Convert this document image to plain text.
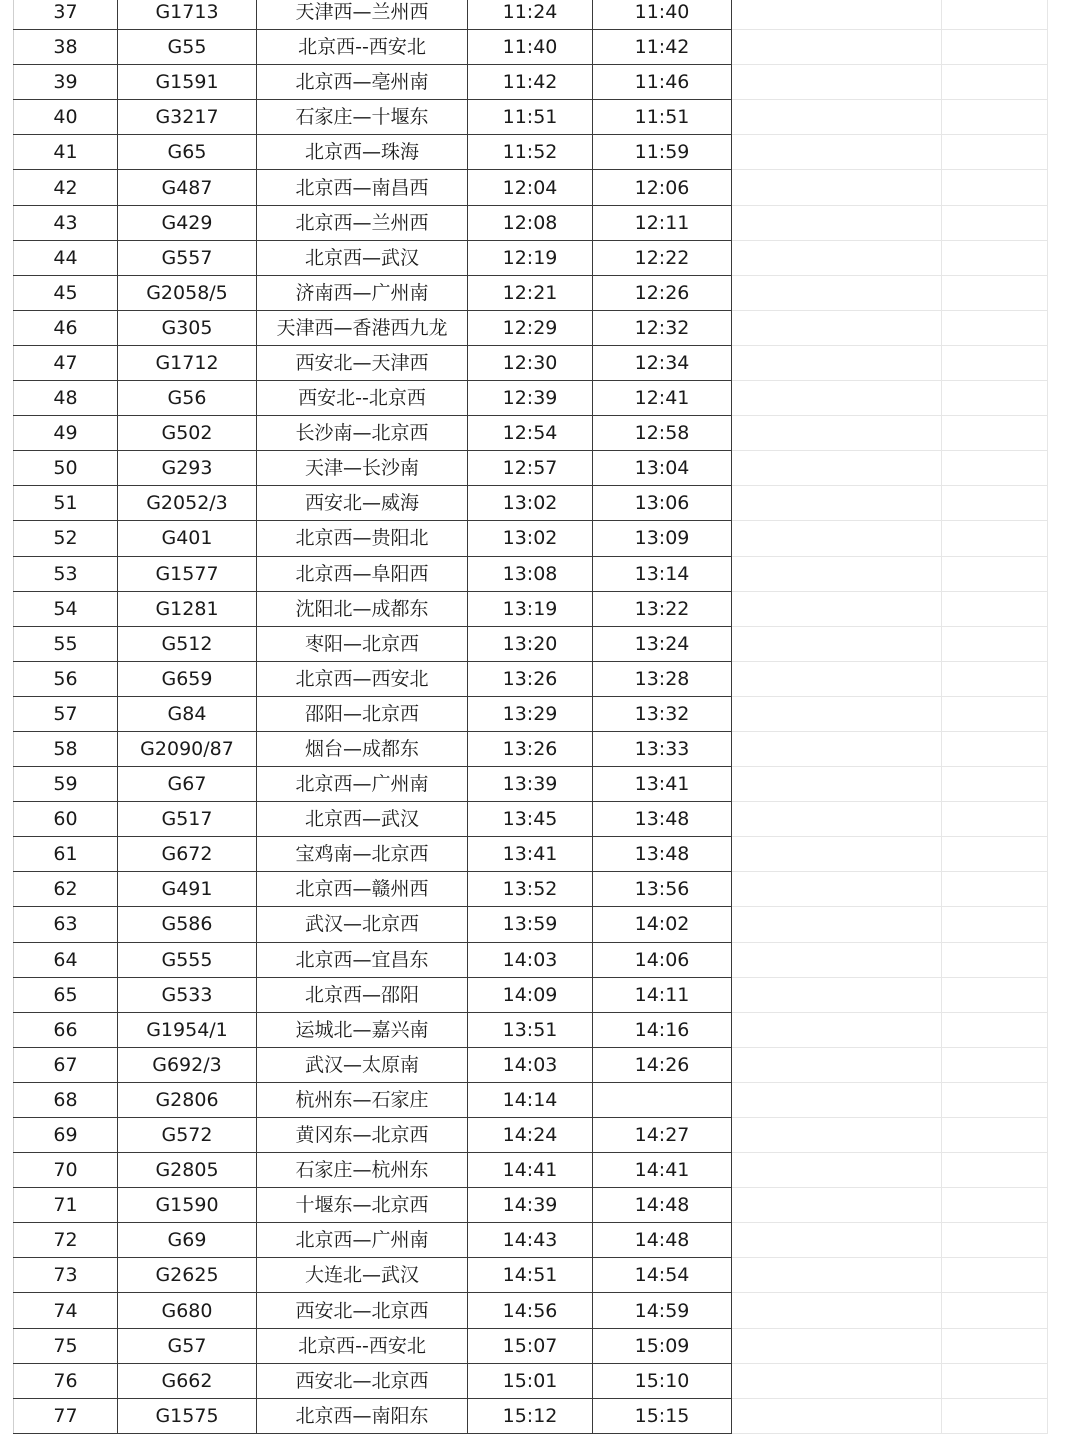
37	G1713	天津西—兰州西	11:24	11:40		
38	G55	北京西--西安北	11:40	11:42		
39	G1591	北京西—亳州南	11:42	11:46		
40	G3217	石家庄—十堰东	11:51	11:51		
41	G65	北京西—珠海	11:52	11:59		
42	G487	北京西—南昌西	12:04	12:06		
43	G429	北京西—兰州西	12:08	12:11		
44	G557	北京西—武汉	12:19	12:22		
45	G2058/5	济南西—广州南	12:21	12:26		
46	G305	天津西—香港西九龙	12:29	12:32		
47	G1712	西安北—天津西	12:30	12:34		
48	G56	西安北--北京西	12:39	12:41		
49	G502	长沙南—北京西	12:54	12:58		
50	G293	天津—长沙南	12:57	13:04		
51	G2052/3	西安北—威海	13:02	13:06		
52	G401	北京西—贵阳北	13:02	13:09		
53	G1577	北京西—阜阳西	13:08	13:14		
54	G1281	沈阳北—成都东	13:19	13:22		
55	G512	枣阳—北京西	13:20	13:24		
56	G659	北京西—西安北	13:26	13:28		
57	G84	邵阳—北京西	13:29	13:32		
58	G2090/87	烟台—成都东	13:26	13:33		
59	G67	北京西—广州南	13:39	13:41		
60	G517	北京西—武汉	13:45	13:48		
61	G672	宝鸡南—北京西	13:41	13:48		
62	G491	北京西—赣州西	13:52	13:56		
63	G586	武汉—北京西	13:59	14:02		
64	G555	北京西—宜昌东	14:03	14:06		
65	G533	北京西—邵阳	14:09	14:11		
66	G1954/1	运城北—嘉兴南	13:51	14:16		
67	G692/3	武汉—太原南	14:03	14:26		
68	G2806	杭州东—石家庄	14:14			
69	G572	黄冈东—北京西	14:24	14:27		
70	G2805	石家庄—杭州东	14:41	14:41		
71	G1590	十堰东—北京西	14:39	14:48		
72	G69	北京西—广州南	14:43	14:48		
73	G2625	大连北—武汉	14:51	14:54		
74	G680	西安北—北京西	14:56	14:59		
75	G57	北京西--西安北	15:07	15:09		
76	G662	西安北—北京西	15:01	15:10		
77	G1575	北京西—南阳东	15:12	15:15		
